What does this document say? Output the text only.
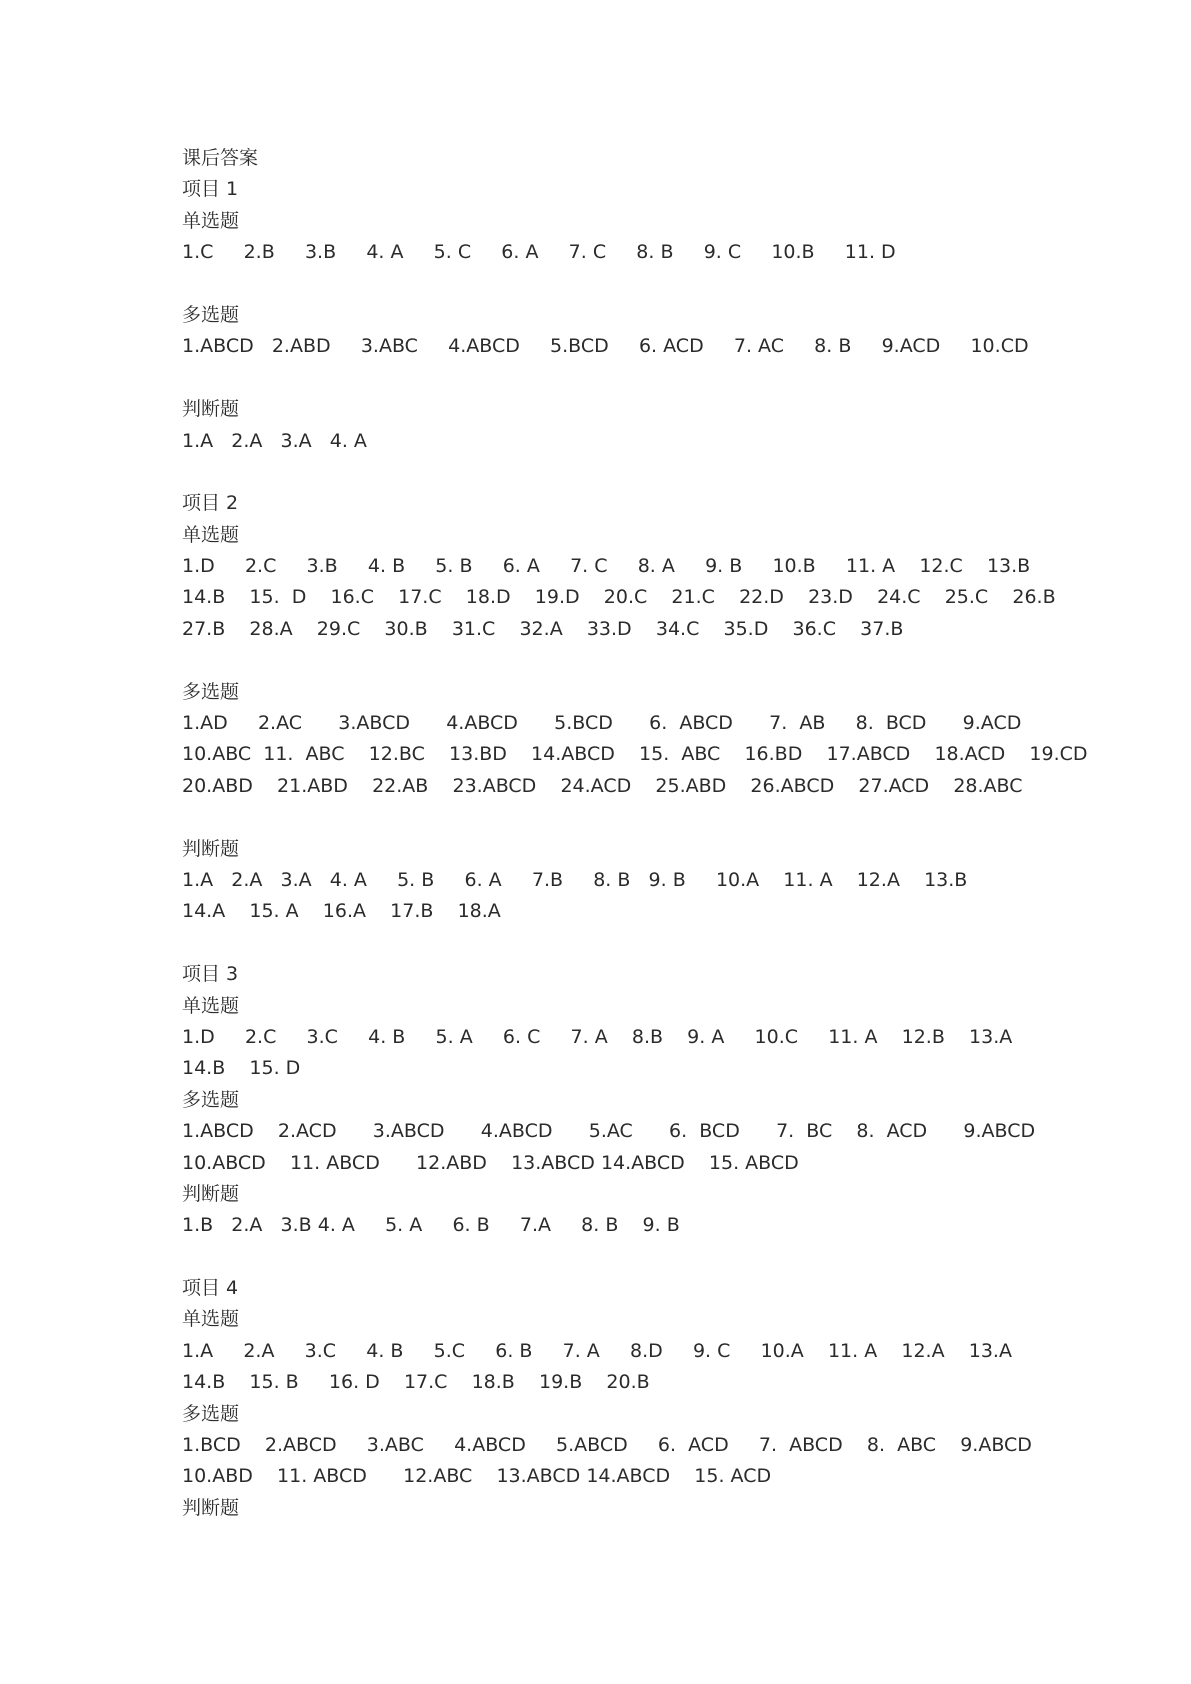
课后答案
项目 1
单选题
1.C     2.B     3.B     4. A     5. C     6. A     7. C     8. B     9. C     10.B     11. D
多选题
1.ABCD   2.ABD     3.ABC     4.ABCD     5.BCD     6. ACD     7. AC     8. B     9.ACD     10.CD
判断题
1.A   2.A   3.A   4. A
项目 2
单选题
1.D     2.C     3.B     4. B     5. B     6. A     7. C     8. A     9. B     10.B     11. A    12.C    13.B
14.B    15.  D    16.C    17.C    18.D    19.D    20.C    21.C    22.D    23.D    24.C    25.C    26.B
27.B    28.A    29.C    30.B    31.C    32.A    33.D    34.C    35.D    36.C    37.B
多选题
1.AD     2.AC      3.ABCD      4.ABCD      5.BCD      6.  ABCD      7.  AB     8.  BCD      9.ACD
10.ABC  11.  ABC    12.BC    13.BD    14.ABCD    15.  ABC    16.BD    17.ABCD    18.ACD    19.CD
20.ABD    21.ABD    22.AB    23.ABCD    24.ACD    25.ABD    26.ABCD    27.ACD    28.ABC
判断题
1.A   2.A   3.A   4. A     5. B     6. A     7.B     8. B   9. B     10.A    11. A    12.A    13.B
14.A    15. A    16.A    17.B    18.A
项目 3
单选题
1.D     2.C     3.C     4. B     5. A     6. C     7. A    8.B    9. A     10.C     11. A    12.B    13.A
14.B    15. D
多选题
1.ABCD    2.ACD      3.ABCD      4.ABCD      5.AC      6.  BCD      7.  BC    8.  ACD      9.ABCD
10.ABCD    11. ABCD      12.ABD    13.ABCD 14.ABCD    15. ABCD
判断题
1.B   2.A   3.B 4. A     5. A     6. B     7.A     8. B    9. B
项目 4
单选题
1.A     2.A     3.C     4. B     5.C     6. B     7. A     8.D     9. C     10.A    11. A    12.A    13.A
14.B    15. B     16. D    17.C    18.B    19.B    20.B
多选题
1.BCD    2.ABCD     3.ABC     4.ABCD     5.ABCD     6.  ACD     7.  ABCD    8.  ABC    9.ABCD
10.ABD    11. ABCD      12.ABC    13.ABCD 14.ABCD    15. ACD
判断题
